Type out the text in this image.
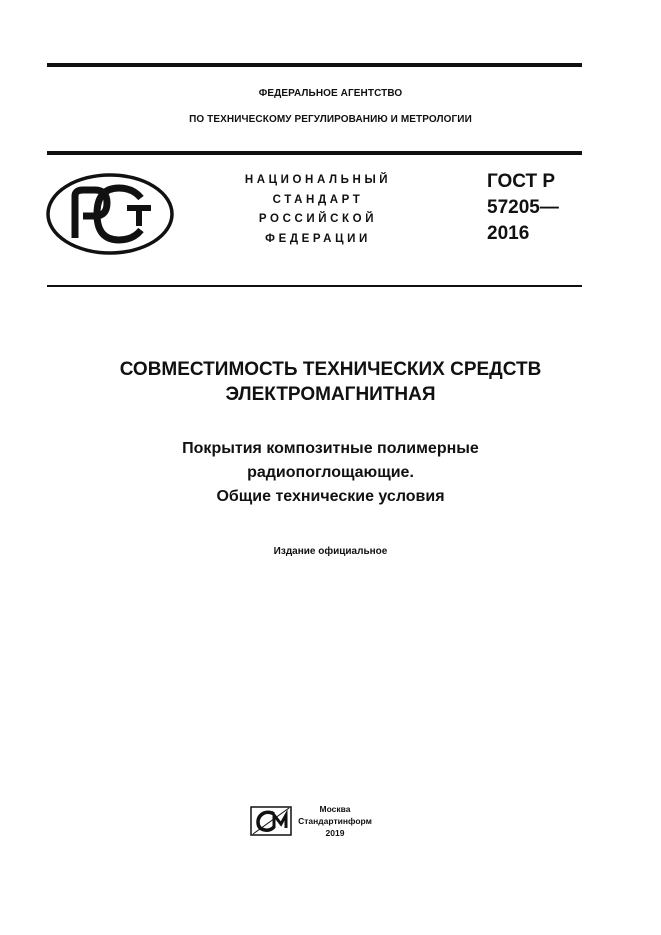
ФЕДЕРАЛЬНОЕ АГЕНТСТВО
ПО ТЕХНИЧЕСКОМУ РЕГУЛИРОВАНИЮ И МЕТРОЛОГИИ
НАЦИОНАЛЬНЫЙ
СТАНДАРТ
РОССИЙСКОЙ
ФЕДЕРАЦИИ
ГОСТ Р
57205—
2016
СОВМЕСТИМОСТЬ ТЕХНИЧЕСКИХ СРЕДСТВ
ЭЛЕКТРОМАГНИТНАЯ
Покрытия композитные полимерные
радиопоглощающие.
Общие технические условия
Издание официальное
Москва
Стандартинформ
2019
